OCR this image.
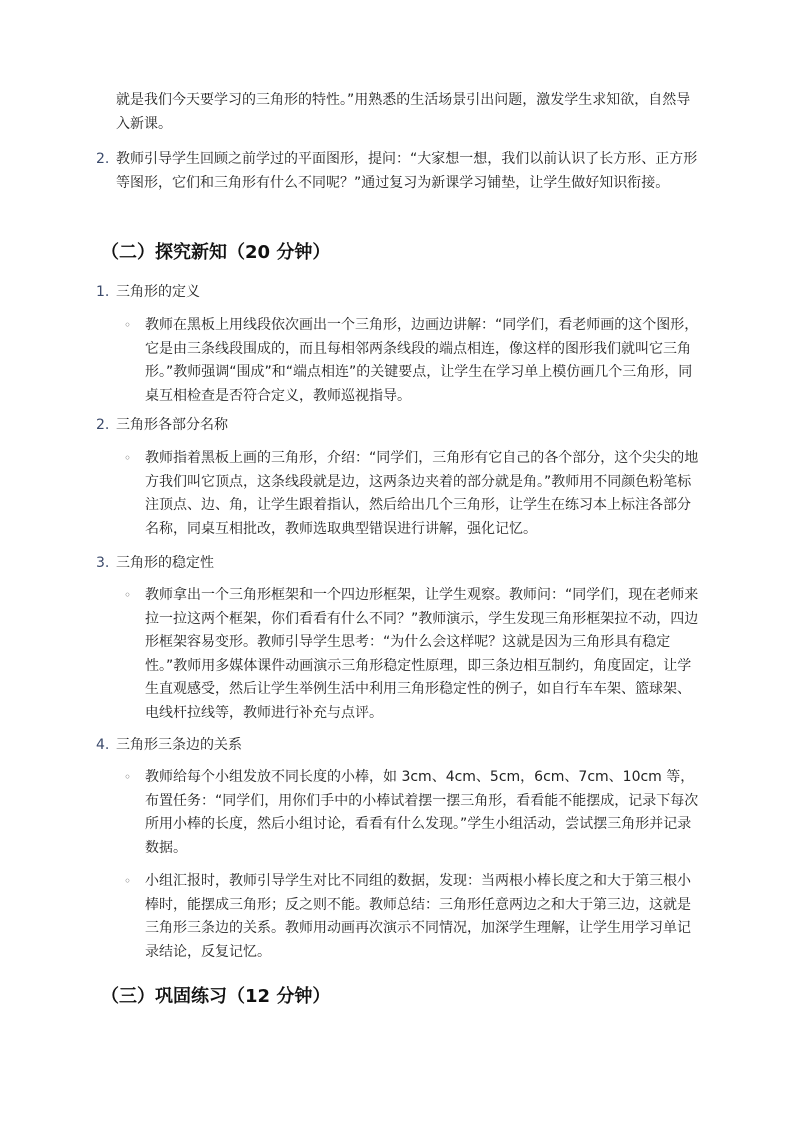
就是我们今天要学习的三角形的特性。”用熟悉的生活场景引出问题，激发学生求知欲，自然导入新课。

2. 教师引导学生回顾之前学过的平面图形，提问：“大家想一想，我们以前认识了长方形、正方形等图形，它们和三角形有什么不同呢？”通过复习为新课学习铺垫，让学生做好知识衔接。

（二）探究新知（20 分钟）
1. 三角形的定义
◦ 教师在黑板上用线段依次画出一个三角形，边画边讲解：“同学们，看老师画的这个图形，它是由三条线段围成的，而且每相邻两条线段的端点相连，像这样的图形我们就叫它三角形。”教师强调“围成”和“端点相连”的关键要点，让学生在学习单上模仿画几个三角形，同桌互相检查是否符合定义，教师巡视指导。

2. 三角形各部分名称
◦ 教师指着黑板上画的三角形，介绍：“同学们，三角形有它自己的各个部分，这个尖尖的地方我们叫它顶点，这条线段就是边，这两条边夹着的部分就是角。”教师用不同颜色粉笔标注顶点、边、角，让学生跟着指认，然后给出几个三角形，让学生在练习本上标注各部分名称，同桌互相批改，教师选取典型错误进行讲解，强化记忆。

3. 三角形的稳定性
◦ 教师拿出一个三角形框架和一个四边形框架，让学生观察。教师问：“同学们，现在老师来拉一拉这两个框架，你们看看有什么不同？”教师演示，学生发现三角形框架拉不动，四边形框架容易变形。教师引导学生思考：“为什么会这样呢？这就是因为三角形具有稳定性。”教师用多媒体课件动画演示三角形稳定性原理，即三条边相互制约，角度固定，让学生直观感受，然后让学生举例生活中利用三角形稳定性的例子，如自行车车架、篮球架、电线杆拉线等，教师进行补充与点评。

4. 三角形三条边的关系
◦ 教师给每个小组发放不同长度的小棒，如 3cm、4cm、5cm，6cm、7cm、10cm 等，布置任务：“同学们，用你们手中的小棒试着摆一摆三角形，看看能不能摆成，记录下每次所用小棒的长度，然后小组讨论，看看有什么发现。”学生小组活动，尝试摆三角形并记录数据。

◦ 小组汇报时，教师引导学生对比不同组的数据，发现：当两根小棒长度之和大于第三根小棒时，能摆成三角形；反之则不能。教师总结：三角形任意两边之和大于第三边，这就是三角形三条边的关系。教师用动画再次演示不同情况，加深学生理解，让学生用学习单记录结论，反复记忆。

（三）巩固练习（12 分钟）
